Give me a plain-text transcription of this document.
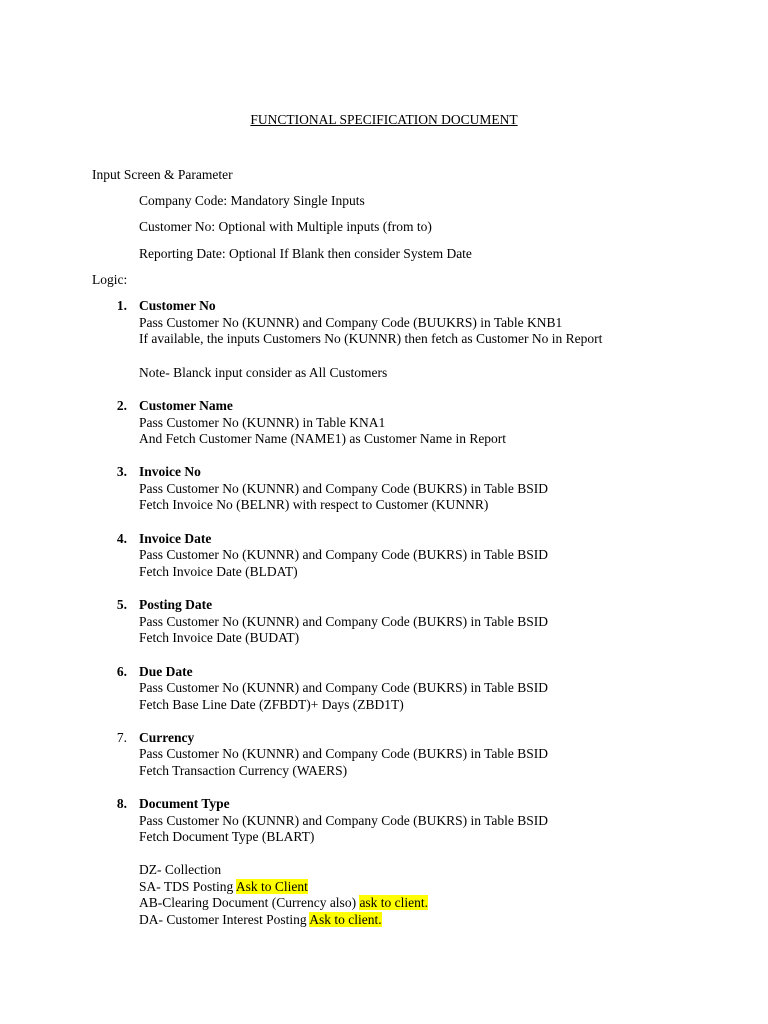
FUNCTIONAL SPECIFICATION DOCUMENT
Input Screen & Parameter
Company Code: Mandatory Single Inputs
Customer No: Optional with Multiple inputs (from to)
Reporting Date: Optional If Blank then consider System Date
Logic:
1. Customer No
Pass Customer No (KUNNR) and Company Code (BUUKRS) in Table KNB1
If available, the inputs Customers No (KUNNR) then fetch as Customer No in Report
Note- Blanck input consider as All Customers
2. Customer Name
Pass Customer No (KUNNR) in Table KNA1
And Fetch Customer Name (NAME1) as Customer Name in Report
3. Invoice No
Pass Customer No (KUNNR) and Company Code (BUKRS) in Table BSID
Fetch Invoice No (BELNR) with respect to Customer (KUNNR)
4. Invoice Date
Pass Customer No (KUNNR) and Company Code (BUKRS) in Table BSID
Fetch Invoice Date (BLDAT)
5. Posting Date
Pass Customer No (KUNNR) and Company Code (BUKRS) in Table BSID
Fetch Invoice Date (BUDAT)
6. Due Date
Pass Customer No (KUNNR) and Company Code (BUKRS) in Table BSID
Fetch Base Line Date (ZFBDT)+ Days (ZBD1T)
7. Currency
Pass Customer No (KUNNR) and Company Code (BUKRS) in Table BSID
Fetch Transaction Currency (WAERS)
8. Document Type
Pass Customer No (KUNNR) and Company Code (BUKRS) in Table BSID
Fetch Document Type (BLART)
DZ- Collection
SA- TDS Posting Ask to Client
AB-Clearing Document (Currency also) ask to client.
DA- Customer Interest Posting Ask to client.
